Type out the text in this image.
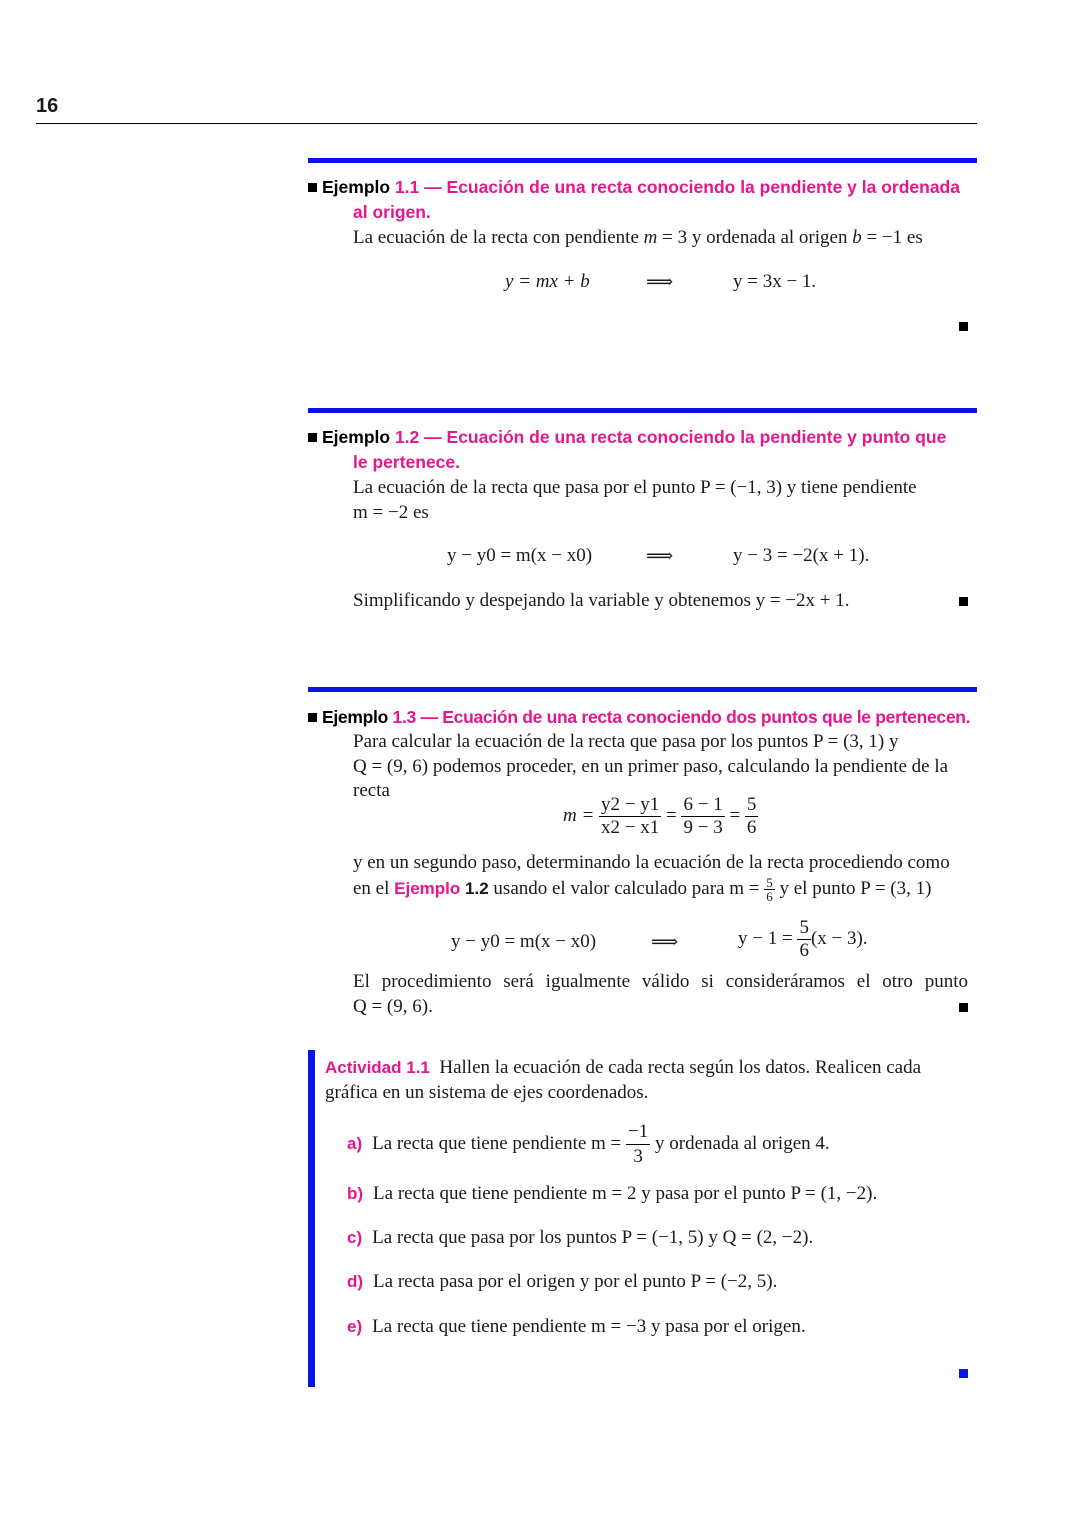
16
Ejemplo 1.1 — Ecuación de una recta conociendo la pendiente y la ordenada
al origen.
La ecuación de la recta con pendiente m = 3 y ordenada al origen b = −1 es
y = mx + b	⟹	y = 3x − 1.
Ejemplo 1.2 — Ecuación de una recta conociendo la pendiente y punto que
le pertenece.
La ecuación de la recta que pasa por el punto P = (−1, 3) y tiene pendiente
m = −2 es
y − y0 = m(x − x0)	⟹	y − 3 = −2(x + 1).
Simplificando y despejando la variable y obtenemos y = −2x + 1.
Ejemplo 1.3 — Ecuación de una recta conociendo dos puntos que le pertenecen.
Para calcular la ecuación de la recta que pasa por los puntos P = (3, 1) y
Q = (9, 6) podemos proceder, en un primer paso, calculando la pendiente de la
recta
$m = \frac{y2 - y1}{x2 - x1} = \frac{6 - 1}{9 - 3} = \frac{5}{6}$
y en un segundo paso, determinando la ecuación de la recta procediendo como
en el Ejemplo 1.2 usando el valor calculado para $m = \frac{5}{6}$ y el punto P = (3, 1)
y − y0 = m(x − x0)	⟹	$y - 1 = \frac{5}{6} (x - 3)$.
El procedimiento será igualmente válido si consideráramos el otro punto
Q = (9, 6).
Actividad 1.1 Hallen la ecuación de cada recta según los datos. Realicen cada
gráfica en un sistema de ejes coordenados.
a) La recta que tiene pendiente $m = \frac{-1}{3}$ y ordenada al origen 4.
b) La recta que tiene pendiente m = 2 y pasa por el punto P = (1, −2).
c) La recta que pasa por los puntos P = (−1, 5) y Q = (2, −2).
d) La recta pasa por el origen y por el punto P = (−2, 5).
e) La recta que tiene pendiente m = −3 y pasa por el origen.
